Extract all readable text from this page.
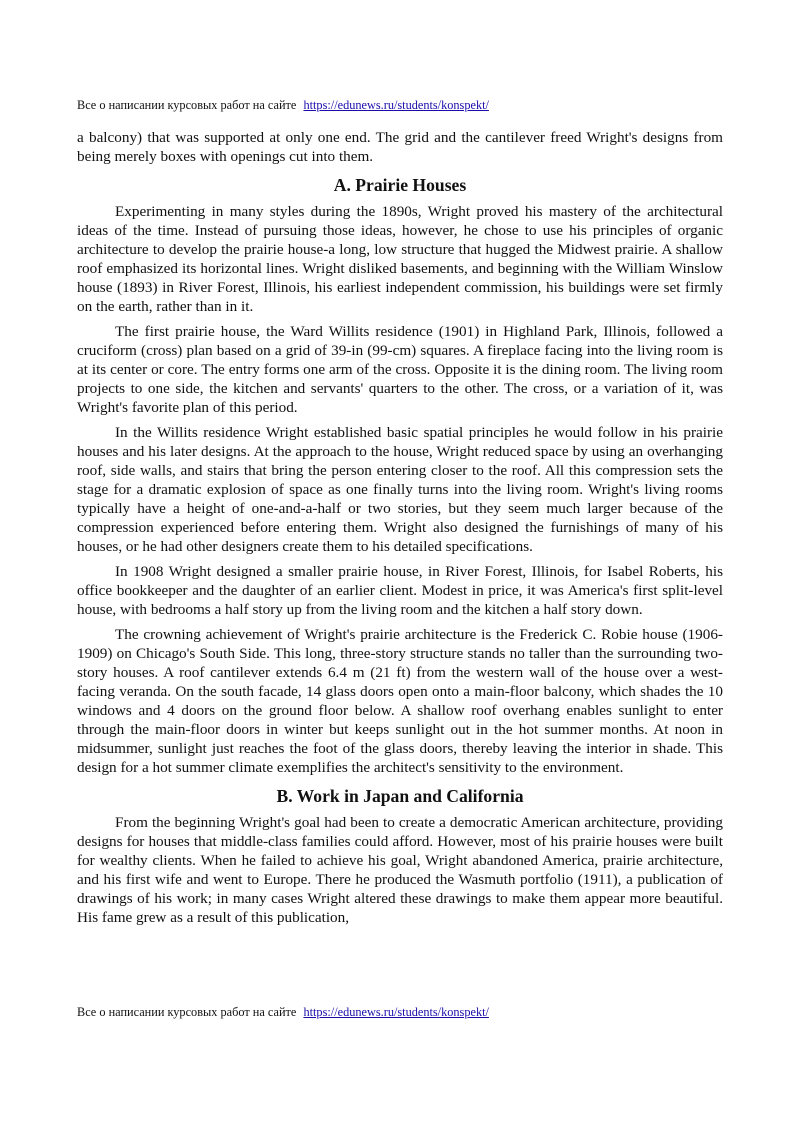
Все о написании курсовых работ на сайте https://edunews.ru/students/konspekt/

a balcony) that was supported at only one end. The grid and the cantilever freed Wright's designs from being merely boxes with openings cut into them.

A. Prairie Houses

Experimenting in many styles during the 1890s, Wright proved his mastery of the architectural ideas of the time. Instead of pursuing those ideas, however, he chose to use his principles of organic architecture to develop the prairie house-a long, low structure that hugged the Midwest prairie. A shallow roof emphasized its horizontal lines. Wright disliked basements, and beginning with the William Winslow house (1893) in River Forest, Illinois, his earliest independent commission, his buildings were set firmly on the earth, rather than in it.

The first prairie house, the Ward Willits residence (1901) in Highland Park, Illinois, followed a cruciform (cross) plan based on a grid of 39-in (99-cm) squares. A fireplace facing into the living room is at its center or core. The entry forms one arm of the cross. Opposite it is the dining room. The living room projects to one side, the kitchen and servants' quarters to the other. The cross, or a variation of it, was Wright's favorite plan of this period.

In the Willits residence Wright established basic spatial principles he would follow in his prairie houses and his later designs. At the approach to the house, Wright reduced space by using an overhanging roof, side walls, and stairs that bring the person entering closer to the roof. All this compression sets the stage for a dramatic explosion of space as one finally turns into the living room. Wright's living rooms typically have a height of one-and-a-half or two stories, but they seem much larger because of the compression experienced before entering them. Wright also designed the furnishings of many of his houses, or he had other designers create them to his detailed specifications.

In 1908 Wright designed a smaller prairie house, in River Forest, Illinois, for Isabel Roberts, his office bookkeeper and the daughter of an earlier client. Modest in price, it was America's first split-level house, with bedrooms a half story up from the living room and the kitchen a half story down.

The crowning achievement of Wright's prairie architecture is the Frederick C. Robie house (1906-1909) on Chicago's South Side. This long, three-story structure stands no taller than the surrounding two-story houses. A roof cantilever extends 6.4 m (21 ft) from the western wall of the house over a west-facing veranda. On the south facade, 14 glass doors open onto a main-floor balcony, which shades the 10 windows and 4 doors on the ground floor below. A shallow roof overhang enables sunlight to enter through the main-floor doors in winter but keeps sunlight out in the hot summer months. At noon in midsummer, sunlight just reaches the foot of the glass doors, thereby leaving the interior in shade. This design for a hot summer climate exemplifies the architect's sensitivity to the environment.

B. Work in Japan and California

From the beginning Wright's goal had been to create a democratic American architecture, providing designs for houses that middle-class families could afford. However, most of his prairie houses were built for wealthy clients. When he failed to achieve his goal, Wright abandoned America, prairie architecture, and his first wife and went to Europe. There he produced the Wasmuth portfolio (1911), a publication of drawings of his work; in many cases Wright altered these drawings to make them appear more beautiful. His fame grew as a result of this publication,

Все о написании курсовых работ на сайте https://edunews.ru/students/konspekt/
